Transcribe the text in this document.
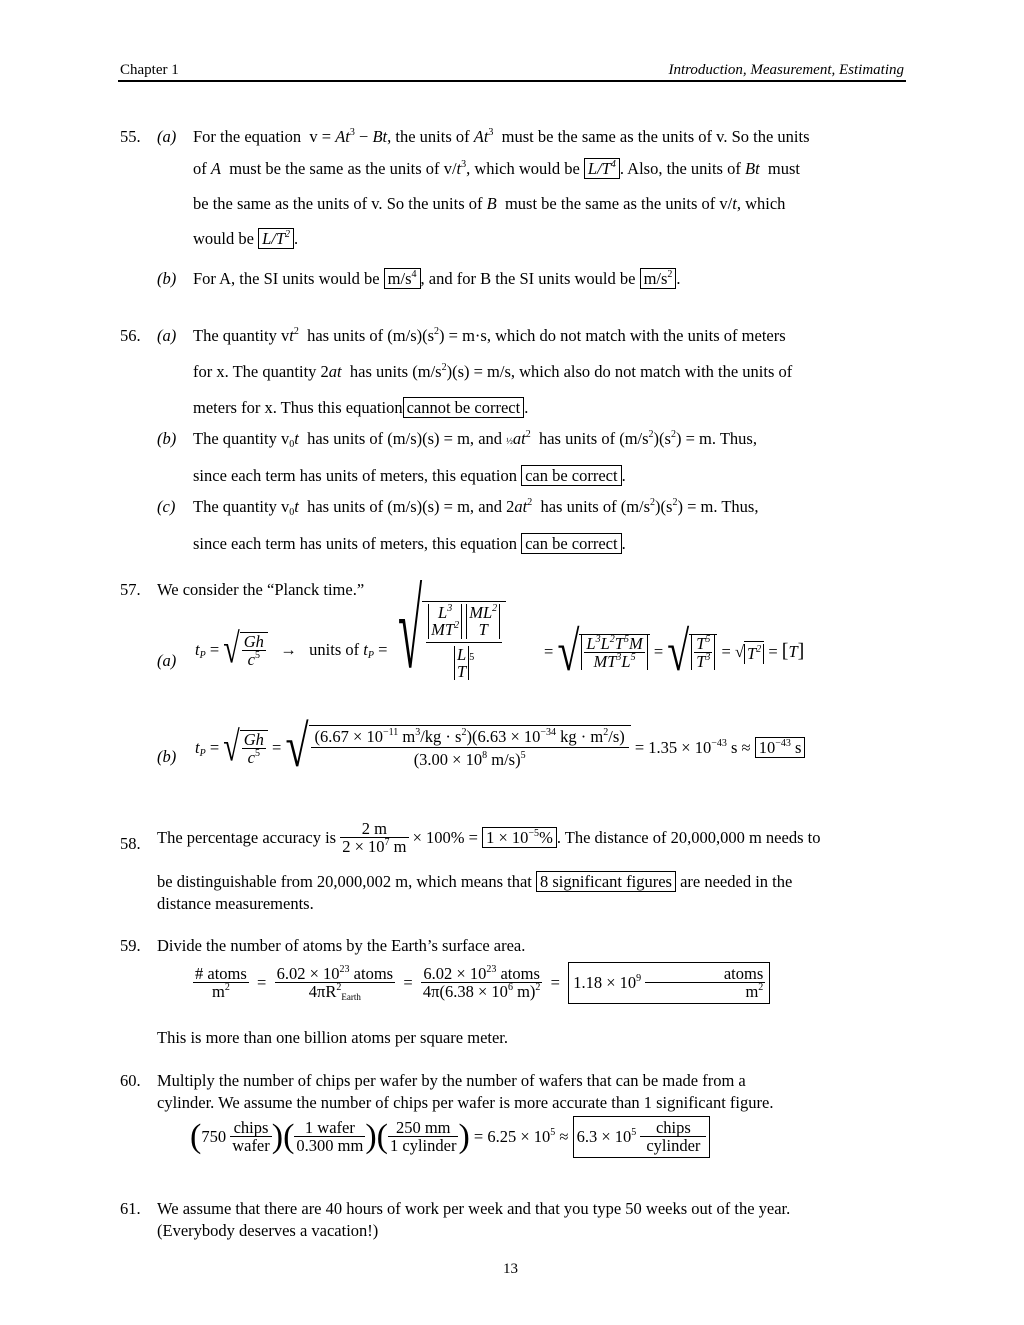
Chapter 1	Introduction, Measurement, Estimating
55. (a) For the equation  $v = At^3 - Bt$, the units of At$^3$ must be the same as the units of v. So the units
of A must be the same as the units of $v/t^3$, which would be $L/T^4$ . Also, the units of Bt must
be the same as the units of v. So the units of B must be the same as the units of v/t, which
would be $L/T^2$ .
(b) For A, the SI units would be $m/s^4$ , and for B the SI units would be $m/s^2$ .
56. (a) The quantity $vt^2$ has units of $(m/s)(s^2) = m\cdot s$, which do not match with the units of meters
for x. The quantity 2at has units $(m/s^2)(s) = m/s$, which also do not match with the units of
meters for x. Thus this equation cannot be correct .
(b) The quantity $v_0t$ has units of (m/s)(s) = m, and $\frac{1}{2}at^2$ has units of $(m/s^2)(s^2) = m$. Thus,
since each term has units of meters, this equation can be correct .
(c) The quantity $v_0t$ has units of (m/s)(s) = m, and $2at^2$ has units of $(m/s^2)(s^2) = m$. Thus,
since each term has units of meters, this equation can be correct .
57. We consider the “Planck time.”
(a)
$t_P$ = √ $\frac{Gh}{c^5}$ →   units of $t_P$ = √ $L^3$
$MT^2$ $ML^2$
T
L
$T^5$	= √ $\frac{L^3L^2T^5M}{MT^3L^5}$ = √ $\frac{T^5}{T^3}$ = √ $T^2 = [T]$
(b) $t_P$ = √ $\frac{Gh}{c^5}$ = √ $\frac{(6.67 \times 10^{-11} m^3/kg \cdot s^2)(6.63 \times 10^{-34} kg \cdot m^2/s)}{(3.00 \times 10^8 m/s)^5} = 1.35 \times 10^{-43}$ $s \approx 10^{-43}$ s
58. The percentage accuracy is $\frac{2 m}{2 \times 10^7 m} \times 100\% = 1 \times 10^{-5}\%$ . The distance of 20,000,000 m needs to
be distinguishable from 20,000,002 m, which means that 8 significant figures are needed in the
distance measurements.
59. Divide the number of atoms by the Earth’s surface area.
$\frac{\text{\# atoms}}{m^2} = \frac{6.02 \times 10^{23} atoms}{4\pi R^2_{Earth}} = \frac{6.02 \times 10^{23} atoms}{4\pi(6.38 \times 10^6 m)^2} = 1.18 \times 10^9 \frac{\text{atoms}}{m^2}$
This is more than one billion atoms per square meter.
60. Multiply the number of chips per wafer by the number of wafers that can be made from a
cylinder. We assume the number of chips per wafer is more accurate than 1 significant figure.
($750 \frac{\text{chips}}{\text{wafer}}$ )( $\frac{\text{1 wafer}}{0.300 mm}$ )( $\frac{250 mm}{\text{1 cylinder}}$ ) = $6.25 \times 10^5 \approx 6.3 \times 10^5 \frac{\text{chips}}{\text{cylinder}}$
61. We assume that there are 40 hours of work per week and that you type 50 weeks out of the year.
(Everybody deserves a vacation!)
13
